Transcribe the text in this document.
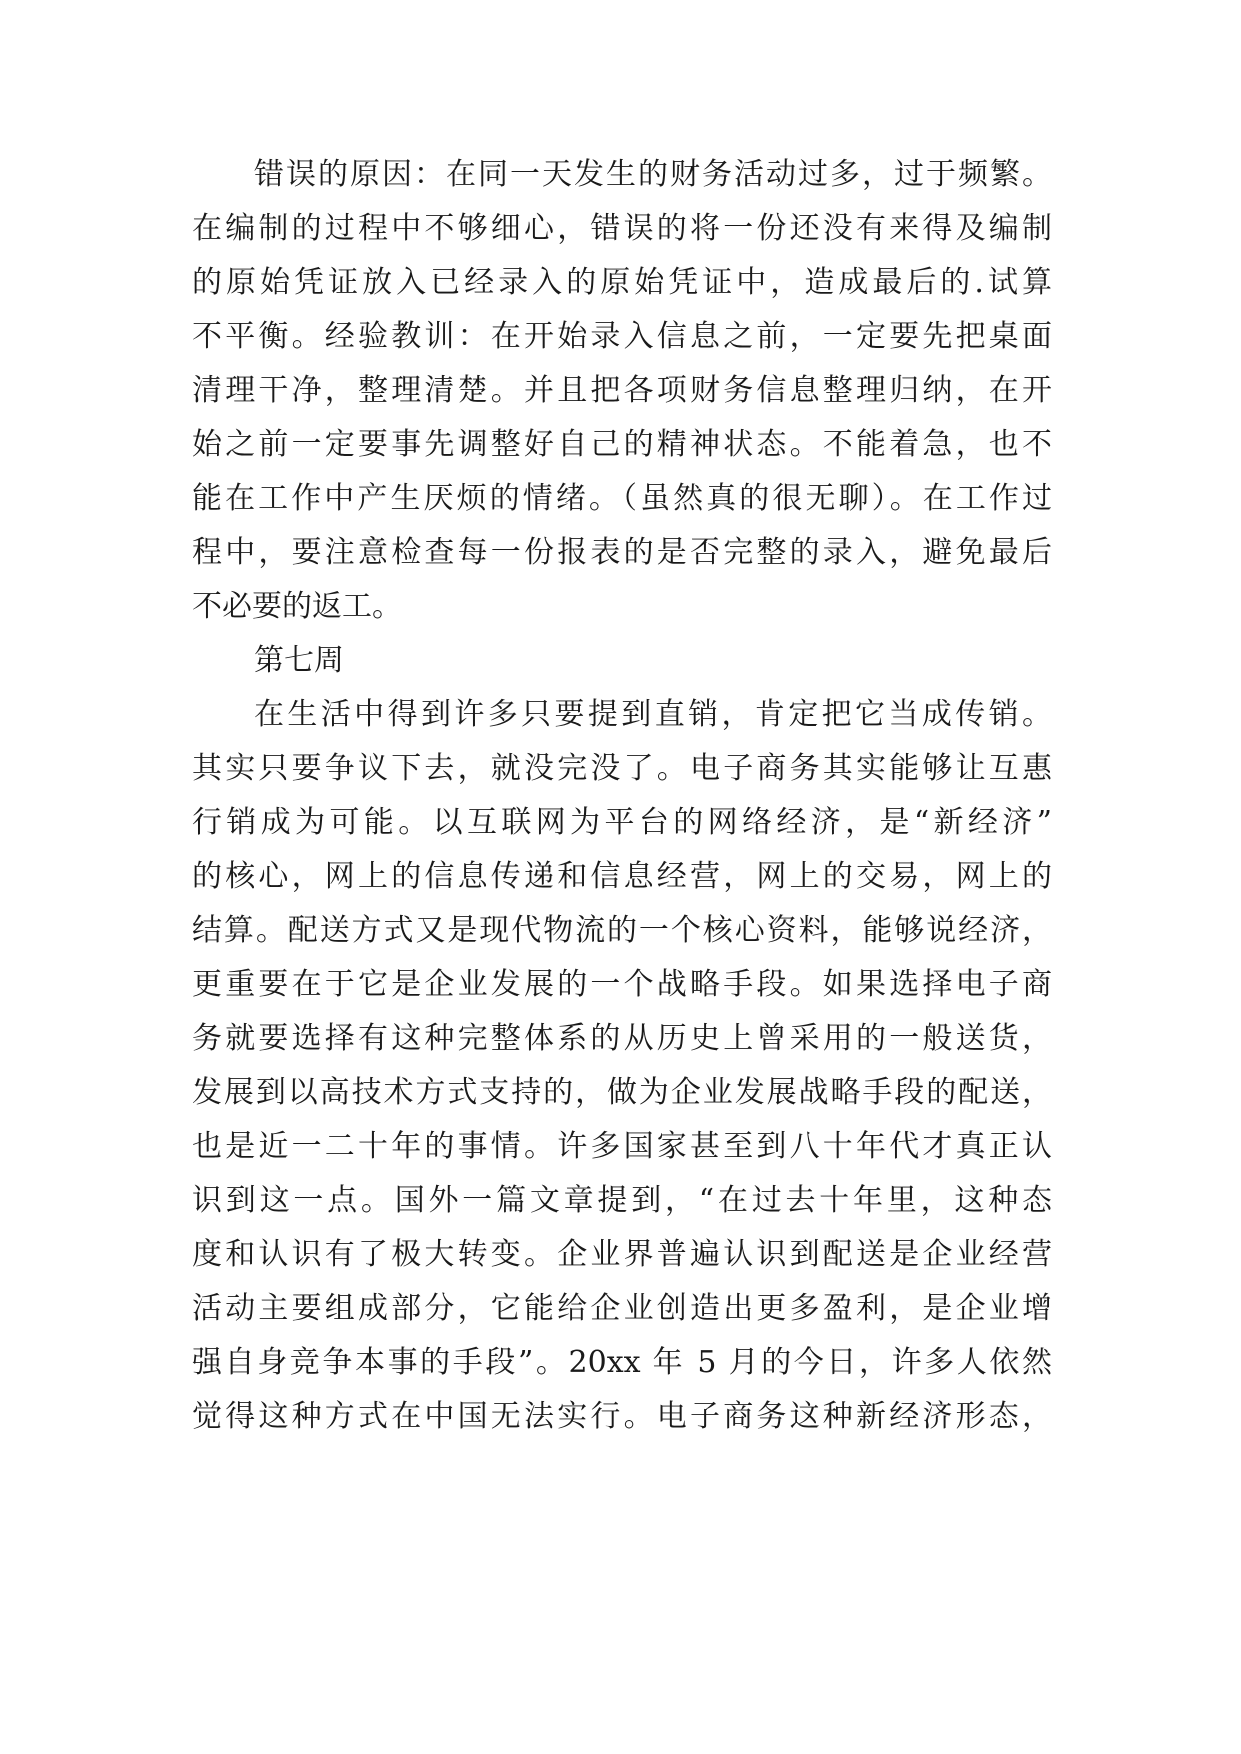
错误的原因：在同一天发生的财务活动过多，过于频繁。
在编制的过程中不够细心，错误的将一份还没有来得及编制
的原始凭证放入已经录入的原始凭证中，造成最后的.试算
不平衡。经验教训：在开始录入信息之前，一定要先把桌面
清理干净，整理清楚。并且把各项财务信息整理归纳，在开
始之前一定要事先调整好自己的精神状态。不能着急，也不
能在工作中产生厌烦的情绪。（虽然真的很无聊）。在工作过
程中，要注意检查每一份报表的是否完整的录入，避免最后
不必要的返工。
第七周
在生活中得到许多只要提到直销，肯定把它当成传销。
其实只要争议下去，就没完没了。电子商务其实能够让互惠
行销成为可能。以互联网为平台的网络经济，是“新经济”
的核心，网上的信息传递和信息经营，网上的交易，网上的
结算。配送方式又是现代物流的一个核心资料，能够说经济，
更重要在于它是企业发展的一个战略手段。如果选择电子商
务就要选择有这种完整体系的从历史上曾采用的一般送货，
发展到以高技术方式支持的，做为企业发展战略手段的配送，
也是近一二十年的事情。许多国家甚至到八十年代才真正认
识到这一点。国外一篇文章提到，“在过去十年里，这种态
度和认识有了极大转变。企业界普遍认识到配送是企业经营
活动主要组成部分，它能给企业创造出更多盈利，是企业增
强自身竞争本事的手段”。20xx 年 5 月的今日，许多人依然
觉得这种方式在中国无法实行。电子商务这种新经济形态，
